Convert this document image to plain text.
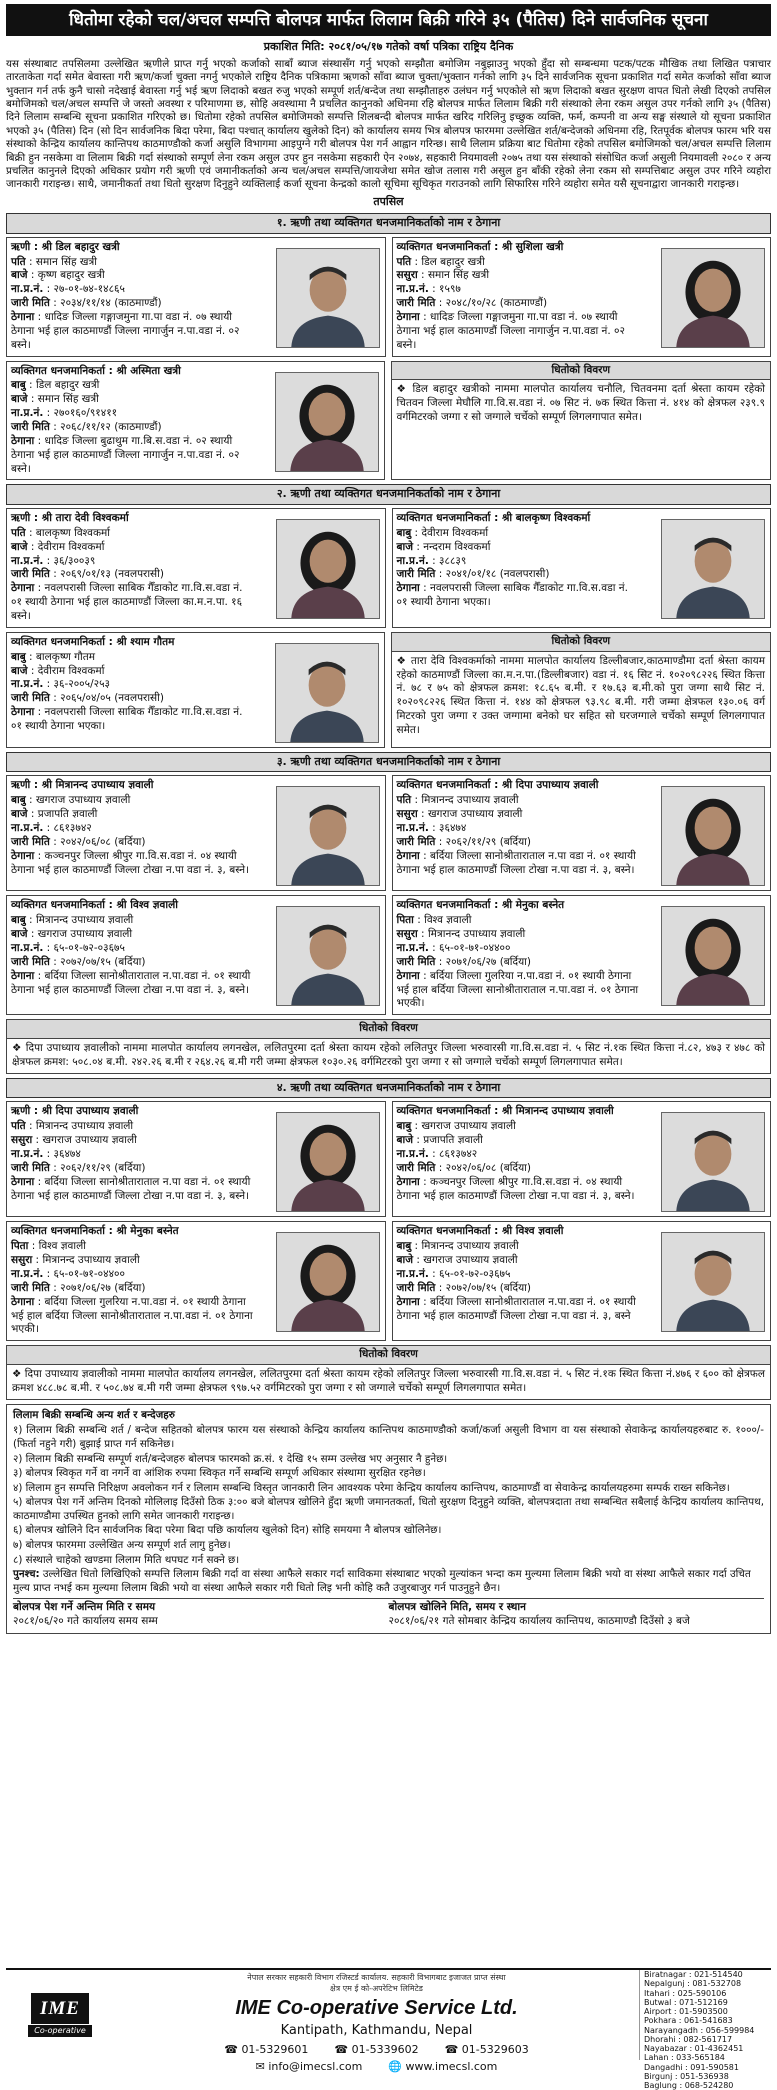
धितोमा रहेको चल/अचल सम्पत्ति बोलपत्र मार्फत लिलाम बिक्री गरिने ३५ (पैतिस) दिने सार्वजनिक सूचना
प्रकाशित मिति: २०८१/०५/१७ गतेको वर्षा पत्रिका राष्ट्रिय दैनिक
यस संस्थाबाट तपसिलमा उल्लेखित ऋणीले प्राप्त गर्नु भएको कर्जाको साबाँ ब्याज संस्थासँग गर्नु भएको सम्झौता बमोजिम नबुझाउनु भएको हुँदा सो सम्बन्धमा पटक/पटक मौखिक तथा लिखित पत्राचार तारताकेता गर्दा समेत बेवास्ता गरी ऋण/कर्जा चुक्ता नगर्नु भएकोले राष्ट्रिय दैनिक पत्रिकामा ऋणको साँवा ब्याज चुक्ता/भुक्तान गर्नको लागि ३५ दिने सार्वजनिक सूचना प्रकाशित गर्दा समेत कर्जाको साँवा ब्याज भुक्तान गर्न तर्फ कुनै चासो नदेखाई बेवास्ता गर्नु भई ऋण लिदाको बखत रुजु भएको सम्पूर्ण शर्त/बन्देज तथा सम्झौताहरु उलंघन गर्नु भएकोले सो ऋण लिदाको बखत सुरक्षण वापत धितो लेखी दिएको तपसिल बमोजिमको चल/अचल सम्पत्ति जे जस्तो अवस्था र परिमाणमा छ, सोहि अवस्थामा नै प्रचलित कानुनको अधिनमा रहि बोलपत्र मार्फत लिलाम बिक्री गरी संस्थाको लेना रकम असुल उपर गर्नको लागि ३५ (पैतिस) दिने लिलाम सम्बन्धि सूचना प्रकाशित गरिएको छ। धितोमा रहेको तपसिल बमोजिमको सम्पत्ति शिलबन्दी बोलपत्र मार्फत खरिद गरिलिनु इच्छुक व्यक्ति, फर्म, कम्पनी वा अन्य सङ्घ संस्थाले यो सूचना प्रकाशित भएको ३५ (पैतिस) दिन (सो दिन सार्वजनिक बिदा परेमा, बिदा पश्चात् कार्यालय खुलेको दिन) को कार्यालय समय भित्र बोलपत्र फारममा उल्लेखित शर्त/बन्देजको अधिनमा रहि, रितपूर्वक बोलपत्र फारम भरि यस संस्थाको केन्द्रिय कार्यालय कान्तिपथ काठमाण्डौको कर्जा असुलि विभागमा आइपुग्ने गरी बोलपत्र पेश गर्न आह्वान गरिन्छ। साथै लिलाम प्रक्रिया बाट धितोमा रहेको तपसिल बमोजिमको चल/अचल सम्पत्ति लिलाम बिक्री हुन नसकेमा वा लिलाम बिक्री गर्दा संस्थाको सम्पूर्ण लेना रकम असुल उपर हुन नसकेमा सहकारी ऐन २०७४, सहकारी नियमावली २०७५ तथा यस संस्थाको संसोधित कर्जा असुली नियमावली २०८० र अन्य प्रचलित कानुनले दिएको अधिकार प्रयोग गरी ऋणी एवं जमानीकर्ताको अन्य चल/अचल सम्पत्ति/जायजेथा समेत खोज तलास गरी असुल हुन बाँकी रहेको लेना रकम सो सम्पत्तिबाट असुल उपर गरिने व्यहोरा जानकारी गराइन्छ। साथै, जमानीकर्ता तथा धितो सुरक्षण दिनुहुने व्यक्तिलाई कर्जा सूचना केन्द्रको कालो सूचिमा सूचिकृत गराउनको लागि सिफारिस गरिने व्यहोरा समेत यसै सूचनाद्वारा जानकारी गराइन्छ।
तपसिल
१. ऋणी तथा व्यक्तिगत धनजमानिकर्ताको नाम र ठेगाना
ऋणी : श्री डिल बहादुर खत्री
पति : समान सिंह खत्री
बाजे : कृष्ण बहादुर खत्री
ना.प्र.नं. : २७-०१-७४-१४८६५
जारी मिति : २०३४/११/१४ (काठमाण्डौं)
ठेगाना : धादिङ जिल्ला गङ्गाजमुना गा.पा वडा नं. ०७ स्थायी ठेगाना भई हाल काठमाण्डौं जिल्ला नागार्जुन न.पा.वडा नं. ०२ बस्ने।
व्यक्तिगत धनजमानिकर्ता : श्री सुशिला खत्री
पति : डिल बहादुर खत्री
ससुरा : समान सिंह खत्री
ना.प्र.नं. : १५९७
जारी मिति : २०४८/१०/२८ (काठमाण्डौं)
ठेगाना : धादिङ जिल्ला गङ्गाजमुना गा.पा वडा नं. ०७ स्थायी ठेगाना भई हाल काठमाण्डौं जिल्ला नागार्जुन न.पा.वडा नं. ०२ बस्ने।
व्यक्तिगत धनजमानिकर्ता : श्री अस्मिता खत्री
बाबु : डिल बहादुर खत्री
बाजे : समान सिंह खत्री
ना.प्र.नं. : २७०१६०/९१४११
जारी मिति : २०६८/११/१२ (काठमाण्डौं)
ठेगाना : धादिङ जिल्ला बुढाथुम गा.बि.स.वडा नं. ०२ स्थायी ठेगाना भई हाल काठमाण्डौं जिल्ला नागार्जुन न.पा.वडा नं. ०२ बस्ने।
धितोको विवरण
❖ डिल बहादुर खत्रीको नाममा मालपोत कार्यालय चनौलि, चितवनमा दर्ता श्रेस्ता कायम रहेको चितवन जिल्ला मेघौलि गा.वि.स.वडा नं. ०७ सिट नं. ७क स्थित कित्ता नं. ४१४ को क्षेत्रफल २३९.९ वर्गमिटरको जग्गा र सो जग्गाले चर्चेको सम्पूर्ण लिगलगापात समेत।
२. ऋणी तथा व्यक्तिगत धनजमानिकर्ताको नाम र ठेगाना
ऋणी : श्री तारा देवी विश्वकर्मा
पति : बालकृष्ण विश्वकर्मा
बाजे : देवीराम विश्वकर्मा
ना.प्र.नं. : ३६/३००३९
जारी मिति : २०६९/०१/१३ (नवलपरासी)
ठेगाना : नवलपरासी जिल्ला साबिक गैँडाकोट गा.वि.स.वडा नं. ०१ स्थायी ठेगाना भई हाल काठमाण्डौं जिल्ला का.म.न.पा. १६ बस्ने।
व्यक्तिगत धनजमानिकर्ता : श्री बालकृष्ण विश्वकर्मा
बाबु : देवीराम विश्वकर्मा
बाजे : नन्दराम विश्वकर्मा
ना.प्र.नं. : ३८८३९
जारी मिति : २०४१/०१/१८ (नवलपरासी)
ठेगाना : नवलपरासी जिल्ला साबिक गैँडाकोट गा.वि.स.वडा नं. ०१ स्थायी ठेगाना भएका।
व्यक्तिगत धनजमानिकर्ता : श्री श्याम गौतम
बाबु : बालकृष्ण गौतम
बाजे : देवीराम विश्वकर्मा
ना.प्र.नं. : ३६-२००५/२५३
जारी मिति : २०६५/०४/०५ (नवलपरासी)
ठेगाना : नवलपरासी जिल्ला साबिक गैँडाकोट गा.वि.स.वडा नं. ०१ स्थायी ठेगाना भएका।
धितोको विवरण
❖ तारा देवि विश्वकर्माको नाममा मालपोत कार्यालय डिल्लीबजार,काठमाण्डौमा दर्ता श्रेस्ता कायम रहेको काठमाण्डौं जिल्ला का.म.न.पा.(डिल्लीबजार) वडा नं. १६ सिट नं. १०२०९८२२६ स्थित कित्ता नं. ७८ र ७५ को क्षेत्रफल क्रमश: १८.६५ ब.मी. र १७.६३ ब.मी.को पुरा जग्गा साथै सिट नं. १०२०९८२२६ स्थित कित्ता नं. १४४ को क्षेत्रफल ९३.९८ ब.मी. गरी जम्मा क्षेत्रफल १३०.०६ वर्ग मिटरको पुरा जग्गा र उक्त जग्गामा बनेको घर सहित सो घरजग्गाले चर्चेको सम्पूर्ण लिगलगापात समेत।
३. ऋणी तथा व्यक्तिगत धनजमानिकर्ताको नाम र ठेगाना
ऋणी : श्री मित्रानन्द उपाध्याय ज्ञवाली
बाबु : खगराज उपाध्याय ज्ञवाली
बाजे : प्रजापति ज्ञवाली
ना.प्र.नं. : ८६१३७४२
जारी मिति : २०४२/०६/०८ (बर्दिया)
ठेगाना : कञ्चनपुर जिल्ला श्रीपुर गा.वि.स.वडा नं. ०४ स्थायी ठेगाना भई हाल काठमाण्डौं जिल्ला टोखा न.पा वडा नं. ३, बस्ने।
व्यक्तिगत धनजमानिकर्ता : श्री दिपा उपाध्याय ज्ञवाली
पति : मित्रानन्द उपाध्याय ज्ञवाली
ससुरा : खगराज उपाध्याय ज्ञवाली
ना.प्र.नं. : ३६४७४
जारी मिति : २०६२/११/२९ (बर्दिया)
ठेगाना : बर्दिया जिल्ला सानोश्रीताराताल न.पा वडा नं. ०१ स्थायी ठेगाना भई हाल काठमाण्डौं जिल्ला टोखा न.पा वडा नं. ३, बस्ने।
व्यक्तिगत धनजमानिकर्ता : श्री विश्व ज्ञवाली
बाबु : मित्रानन्द उपाध्याय ज्ञवाली
बाजे : खगराज उपाध्याय ज्ञवाली
ना.प्र.नं. : ६५-०१-७२-०३६७५
जारी मिति : २०७२/०७/१५ (बर्दिया)
ठेगाना : बर्दिया जिल्ला सानोश्रीताराताल न.पा.वडा नं. ०१ स्थायी ठेगाना भई हाल काठमाण्डौं जिल्ला टोखा न.पा वडा नं. ३, बस्ने।
व्यक्तिगत धनजमानिकर्ता : श्री मेनुका बस्नेत
पिता : विश्व ज्ञवाली
ससुरा : मित्रानन्द उपाध्याय ज्ञवाली
ना.प्र.नं. : ६५-०१-७१-०४४००
जारी मिति : २०७१/०६/२७ (बर्दिया)
ठेगाना : बर्दिया जिल्ला गुलरिया न.पा.वडा नं. ०१ स्थायी ठेगाना भई हाल बर्दिया जिल्ला सानोश्रीताराताल न.पा.वडा नं. ०१ ठेगाना भएकी।
धितोको विवरण
❖ दिपा उपाध्याय ज्ञवालीको नाममा मालपोत कार्यालय लगनखेल, ललितपुरमा दर्ता श्रेस्ता कायम रहेको ललितपुर जिल्ला भरुवारसी गा.वि.स.वडा नं. ५ सिट नं.१क स्थित कित्ता नं.८२, ४७३ र ४७८ को क्षेत्रफल क्रमश: ५०८.०४ ब.मी. २४२.२६ ब.मी र २६४.२६ ब.मी गरी जम्मा क्षेत्रफल १०३०.२६ वर्गमिटरको पुरा जग्गा र सो जग्गाले चर्चेको सम्पूर्ण लिगलगापात समेत।
४. ऋणी तथा व्यक्तिगत धनजमानिकर्ताको नाम र ठेगाना
ऋणी : श्री दिपा उपाध्याय ज्ञवाली
पति : मित्रानन्द उपाध्याय ज्ञवाली
ससुरा : खगराज उपाध्याय ज्ञवाली
ना.प्र.नं. : ३६४७४
जारी मिति : २०६२/११/२९ (बर्दिया)
ठेगाना : बर्दिया जिल्ला सानोश्रीताराताल न.पा वडा नं. ०१ स्थायी ठेगाना भई हाल काठमाण्डौं जिल्ला टोखा न.पा वडा नं. ३, बस्ने।
व्यक्तिगत धनजमानिकर्ता : श्री मित्रानन्द उपाध्याय ज्ञवाली
बाबु : खगराज उपाध्याय ज्ञवाली
बाजे : प्रजापति ज्ञवाली
ना.प्र.नं. : ८६१३७४२
जारी मिति : २०४२/०६/०८ (बर्दिया)
ठेगाना : कञ्चनपुर जिल्ला श्रीपुर गा.वि.स.वडा नं. ०४ स्थायी ठेगाना भई हाल काठमाण्डौं जिल्ला टोखा न.पा वडा नं. ३, बस्ने।
व्यक्तिगत धनजमानिकर्ता : श्री मेनुका बस्नेत
पिता : विश्व ज्ञवाली
ससुरा : मित्रानन्द उपाध्याय ज्ञवाली
ना.प्र.नं. : ६५-०१-७१-०४४००
जारी मिति : २०७१/०६/२७ (बर्दिया)
ठेगाना : बर्दिया जिल्ला गुलरिया न.पा.वडा नं. ०१ स्थायी ठेगाना भई हाल बर्दिया जिल्ला सानोश्रीताराताल न.पा.वडा नं. ०१ ठेगाना भएकी।
व्यक्तिगत धनजमानिकर्ता : श्री विश्व ज्ञवाली
बाबु : मित्रानन्द उपाध्याय ज्ञवाली
बाजे : खगराज उपाध्याय ज्ञवाली
ना.प्र.नं. : ६५-०१-७२-०३६७५
जारी मिति : २०७२/०७/१५ (बर्दिया)
ठेगाना : बर्दिया जिल्ला सानोश्रीताराताल न.पा.वडा नं. ०१ स्थायी ठेगाना भई हाल काठमाण्डौं जिल्ला टोखा न.पा वडा नं. ३, बस्ने
धितोको विवरण
❖ दिपा उपाध्याय ज्ञवालीको नाममा मालपोत कार्यालय लगनखेल, ललितपुरमा दर्ता श्रेस्ता कायम रहेको ललितपुर जिल्ला भरुवारसी गा.वि.स.वडा नं. ५ सिट नं.१क स्थित कित्ता नं.४७६ र ६०० को क्षेत्रफल क्रमश ४८८.७८ ब.मी. र ५०८.७४ ब.मी गरी जम्मा क्षेत्रफल ९९७.५२ वर्गमिटरको पुरा जग्गा र सो जग्गाले चर्चेको सम्पूर्ण लिगलगापात समेत।
लिलाम बिक्री सम्बन्धि अन्य शर्त र बन्देजहरु
१) लिलाम बिक्री सम्बन्धि शर्त / बन्देज सहितको बोलपत्र फारम यस संस्थाको केन्द्रिय कार्यालय कान्तिपथ काठमाण्डौको कर्जा/कर्जा असुली विभाग वा यस संस्थाको सेवाकेन्द्र कार्यालयहरुबाट रु. १०००/- (फिर्ता नहुने गरी) बुझाई प्राप्त गर्न सकिनेछ।
२) लिलाम बिक्री सम्बन्धि सम्पूर्ण शर्त/बन्देजहरु बोलपत्र फारमको क्र.सं. १ देखि १५ सम्म उल्लेख भए अनुसार नै हुनेछ।
३) बोलपत्र स्विकृत गर्ने वा नगर्ने वा आंशिक रुपमा स्विकृत गर्ने सम्बन्धि सम्पूर्ण अधिकार संस्थामा सुरक्षित रहनेछ।
४) लिलाम हुन सम्पत्ति निरिक्षण अवलोकन गर्न र लिलाम सम्बन्धि विस्तृत जानकारी लिन आवश्यक परेमा केन्द्रिय कार्यालय कान्तिपथ, काठमाण्डौं वा सेवाकेन्द्र कार्यालयहरुमा सम्पर्क राख्न सकिनेछ।
५) बोलपत्र पेश गर्ने अन्तिम दिनको मोलिलाइ दिउँसो ठिक ३:०० बजे बोलपत्र खोलिने हुँदा ऋणी जमानतकर्ता, धितो सुरक्षण दिनुहुने व्यक्ति, बोलपत्रदाता तथा सम्बन्धित सबैलाई केन्द्रिय कार्यालय कान्तिपथ, काठमाण्डौमा उपस्थित हुनको लागि समेत जानकारी गराइन्छ।
६) बोलपत्र खोलिने दिन सार्वजनिक बिदा परेमा बिदा पछि कार्यालय खुलेको दिन) सोहि समयमा नै बोलपत्र खोलिनेछ।
७) बोलपत्र फारममा उल्लेखित अन्य सम्पूर्ण शर्त लागु हुनेछ।
८) संस्थाले चाहेको खण्डमा लिलाम मिति थपघट गर्न सक्ने छ।
पुनश्च: उल्लेखित धितो लिखिएिको सम्पत्ति लिलाम बिक्री गर्दा वा संस्था आफैले सकार गर्दा साविकमा संस्थाबाट भएको मुल्यांकन भन्दा कम मुल्यमा लिलाम बिक्री भयो वा संस्था आफैले सकार गर्दा उचित मुल्य प्राप्त नभई कम मुल्यमा लिलाम बिक्री भयो वा संस्था आफैले सकार गरी धितो लिइ भनी कोहि कतै उजुरबाजुर गर्न पाउनुहुने छैन।
बोलपत्र पेश गर्ने अन्तिम मिति र समय
२०८१/०६/२० गते कार्यालय समय सम्म
बोलपत्र खोलिने मिति, समय र स्थान
२०८१/०६/२१ गते सोमबार केन्द्रिय कार्यालय कान्तिपथ, काठमाण्डौ दिउँसो ३ बजे
IME
Co-operative
नेपाल सरकार सहकारी विभाग रजिस्टर्ड कार्यालय. सहकारी विभागबाट इजाजत प्राप्त संस्था
क्षेत्र एम ई को-अपरेटिभ लिमिटेड
IME Co-operative Service Ltd.
Kantipath, Kathmandu, Nepal
☎ 01-5329601 ☎ 01-5339602 ☎ 01-5329603
✉ info@imecsl.com 🌐 www.imecsl.com
Biratnagar : 021-514540
Nepalgunj : 081-532708
Itahari : 025-590106
Butwal : 071-512169
Airport : 01-5903500
Pokhara : 061-541683
Narayangadh : 056-599984
Dhorahi : 082-561717
Nayabazar : 01-4362451
Lahan : 033-565184
Dangadhi : 091-590581
Birgunj : 051-536938
Baglung : 068-524280
